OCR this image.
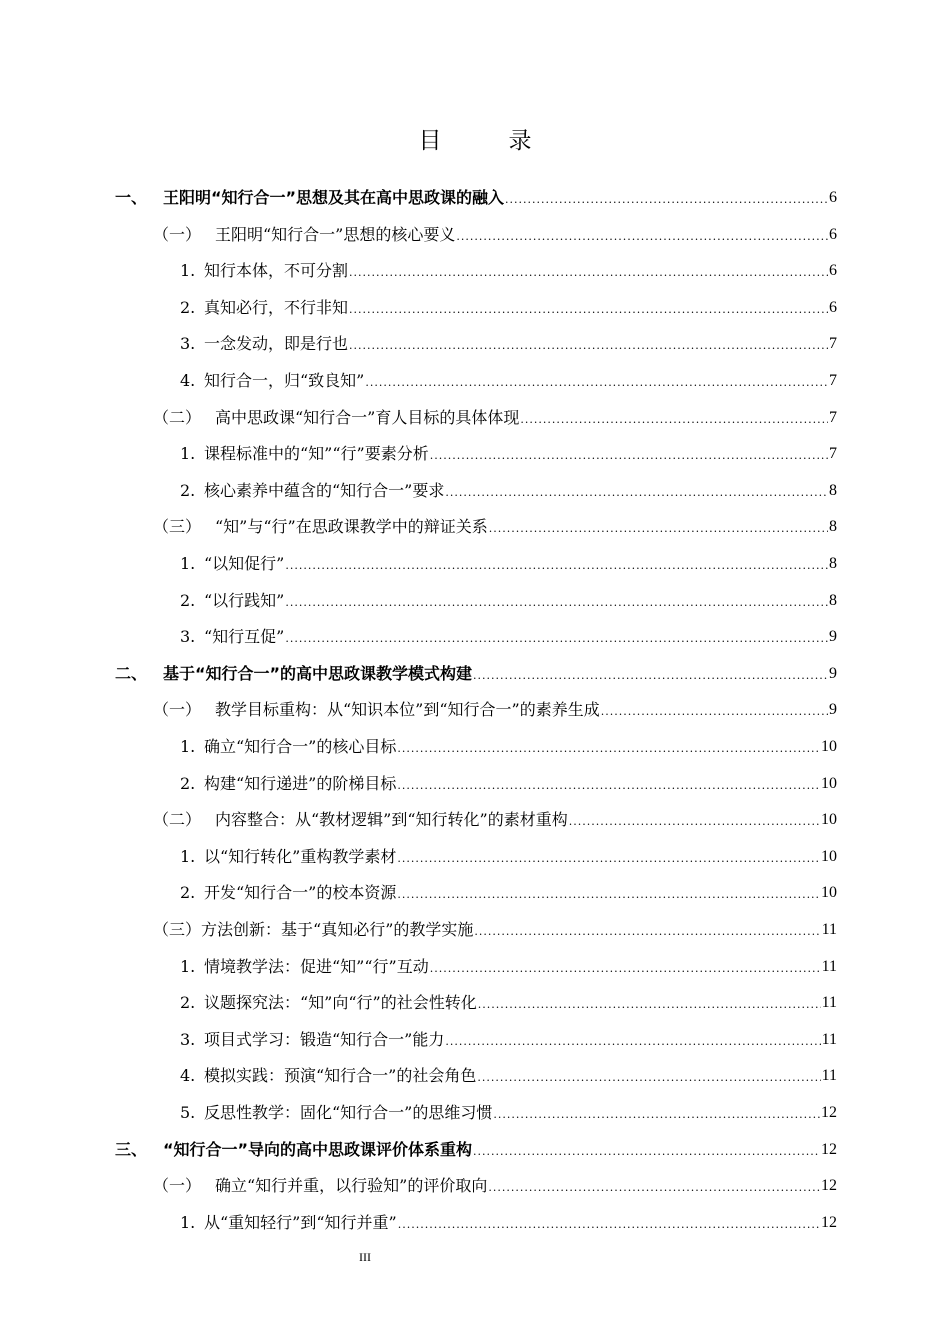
目　录
一、 王阳明“知行合一”思想及其在高中思政课的融入 .....	6
（一） 王阳明“知行合一”思想的核心要义 .....	6
1. 知行本体，不可分割 .....	6
2. 真知必行，不行非知 .....	6
3. 一念发动，即是行也 .....	7
4. 知行合一，归“致良知” .....	7
（二） 高中思政课“知行合一”育人目标的具体体现 .....	7
1. 课程标准中的“知”“行”要素分析 .....	7
2. 核心素养中蕴含的“知行合一”要求 .....	8
（三） “知”与“行”在思政课教学中的辩证关系 .....	8
1. “以知促行” .....	8
2. “以行践知” .....	8
3. “知行互促” .....	9
二、 基于“知行合一”的高中思政课教学模式构建 .....	9
（一） 教学目标重构：从“知识本位”到“知行合一”的素养生成 .....	9
1. 确立“知行合一”的核心目标 .....	10
2. 构建“知行递进”的阶梯目标 .....	10
（二） 内容整合：从“教材逻辑”到“知行转化”的素材重构 .....	10
1. 以“知行转化”重构教学素材 .....	10
2. 开发“知行合一”的校本资源 .....	10
（三） 方法创新：基于“真知必行”的教学实施 .....	11
1. 情境教学法：促进“知”“行”互动 .....	11
2. 议题探究法：“知”向“行”的社会性转化 .....	11
3. 项目式学习：锻造“知行合一”能力 .....	11
4. 模拟实践：预演“知行合一”的社会角色 .....	11
5. 反思性教学：固化“知行合一”的思维习惯 .....	12
三、 “知行合一”导向的高中思政课评价体系重构 .....	12
（一） 确立“知行并重，以行验知”的评价取向 .....	12
1. 从“重知轻行”到“知行并重” .....	12
III
